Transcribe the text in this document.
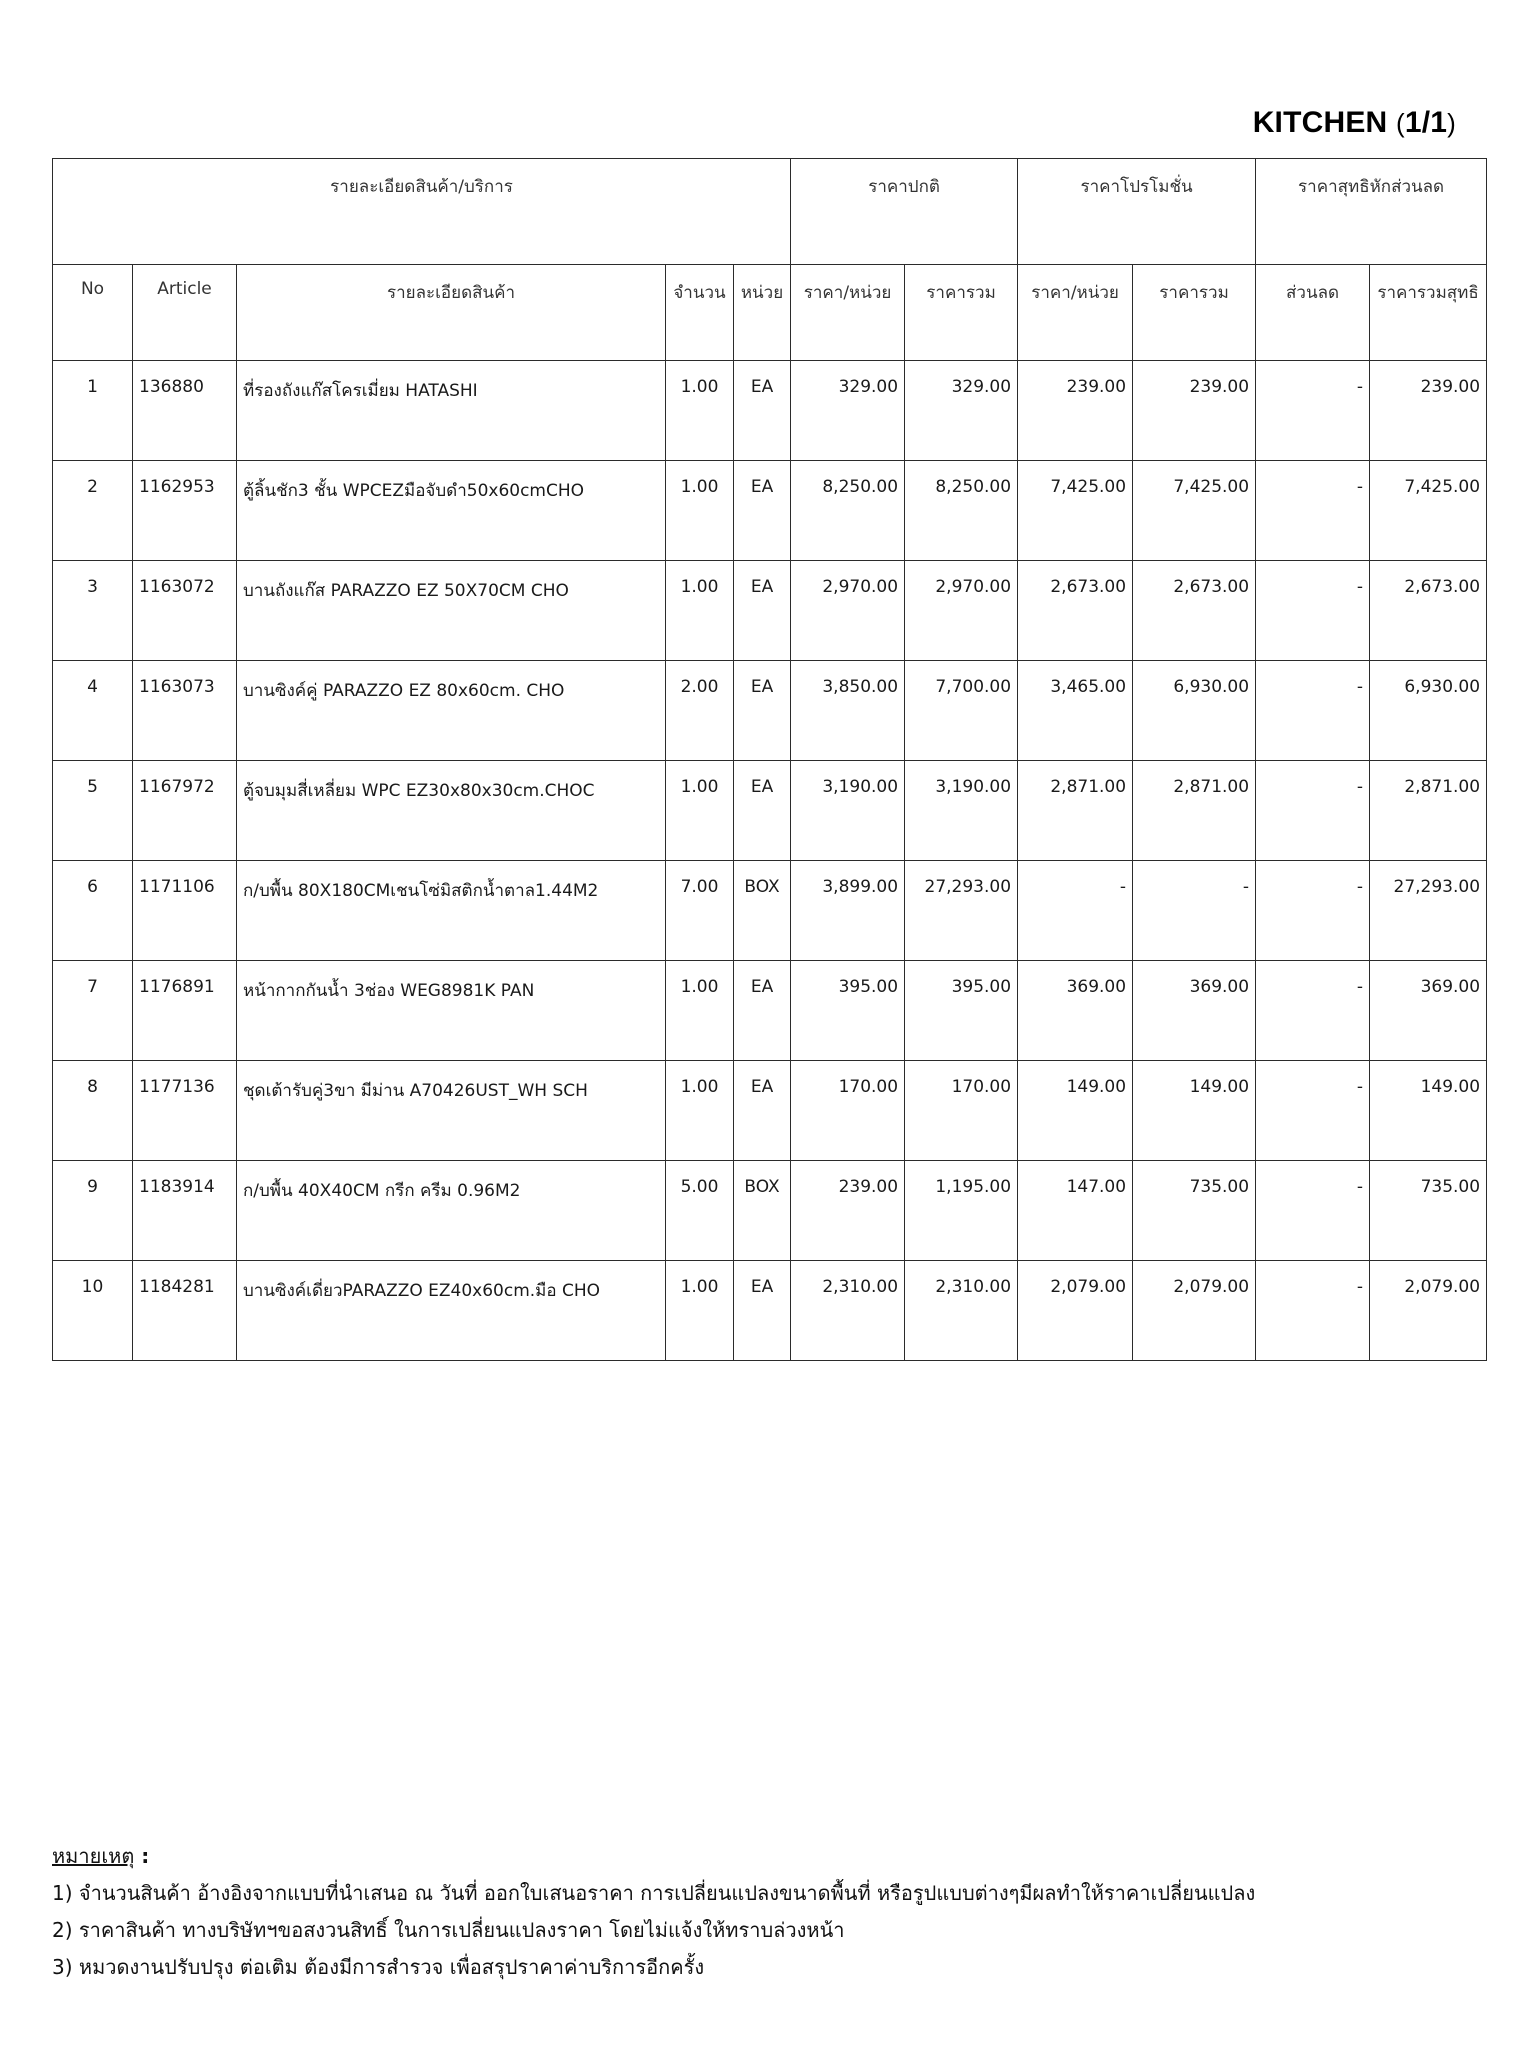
KITCHEN (1/1)
รายละเอียดสินค้า/บริการ					ราคาปกติ		ราคาโปรโมชั่น		ราคาสุทธิหักส่วนลด	
No	Article	รายละเอียดสินค้า	จำนวน	หน่วย	ราคา/หน่วย	ราคารวม	ราคา/หน่วย	ราคารวม	ส่วนลด	ราคารวมสุทธิ
1	136880	ที่รองถังแก๊สโครเมี่ยม HATASHI	1.00	EA	329.00	329.00	239.00	239.00	-	239.00
2	1162953	ตู้ลิ้นชัก3 ชั้น WPCEZมือจับดำ50x60cmCHO	1.00	EA	8,250.00	8,250.00	7,425.00	7,425.00	-	7,425.00
3	1163072	บานถังแก๊ส PARAZZO EZ 50X70CM CHO	1.00	EA	2,970.00	2,970.00	2,673.00	2,673.00	-	2,673.00
4	1163073	บานซิงค์คู่ PARAZZO EZ 80x60cm. CHO	2.00	EA	3,850.00	7,700.00	3,465.00	6,930.00	-	6,930.00
5	1167972	ตู้จบมุมสี่เหลี่ยม WPC EZ30x80x30cm.CHOC	1.00	EA	3,190.00	3,190.00	2,871.00	2,871.00	-	2,871.00
6	1171106	ก/บพื้น 80X180CMเชนโซ่มิสติกน้ำตาล1.44M2	7.00	BOX	3,899.00	27,293.00	-	-	-	27,293.00
7	1176891	หน้ากากกันน้ำ 3ช่อง WEG8981K PAN	1.00	EA	395.00	395.00	369.00	369.00	-	369.00
8	1177136	ชุดเต้ารับคู่3ขา มีม่าน A70426UST_WH SCH	1.00	EA	170.00	170.00	149.00	149.00	-	149.00
9	1183914	ก/บพื้น 40X40CM กรีก ครีม 0.96M2	5.00	BOX	239.00	1,195.00	147.00	735.00	-	735.00
10	1184281	บานซิงค์เดี่ยวPARAZZO EZ40x60cm.มือ CHO	1.00	EA	2,310.00	2,310.00	2,079.00	2,079.00	-	2,079.00
หมายเหตุ :
1) จำนวนสินค้า อ้างอิงจากแบบที่นำเสนอ ณ วันที่ ออกใบเสนอราคา การเปลี่ยนแปลงขนาดพื้นที่ หรือรูปแบบต่างๆมีผลทำให้ราคาเปลี่ยนแปลง
2) ราคาสินค้า ทางบริษัทฯขอสงวนสิทธิ์ ในการเปลี่ยนแปลงราคา โดยไม่แจ้งให้ทราบล่วงหน้า
3) หมวดงานปรับปรุง ต่อเติม ต้องมีการสำรวจ เพื่อสรุปราคาค่าบริการอีกครั้ง
